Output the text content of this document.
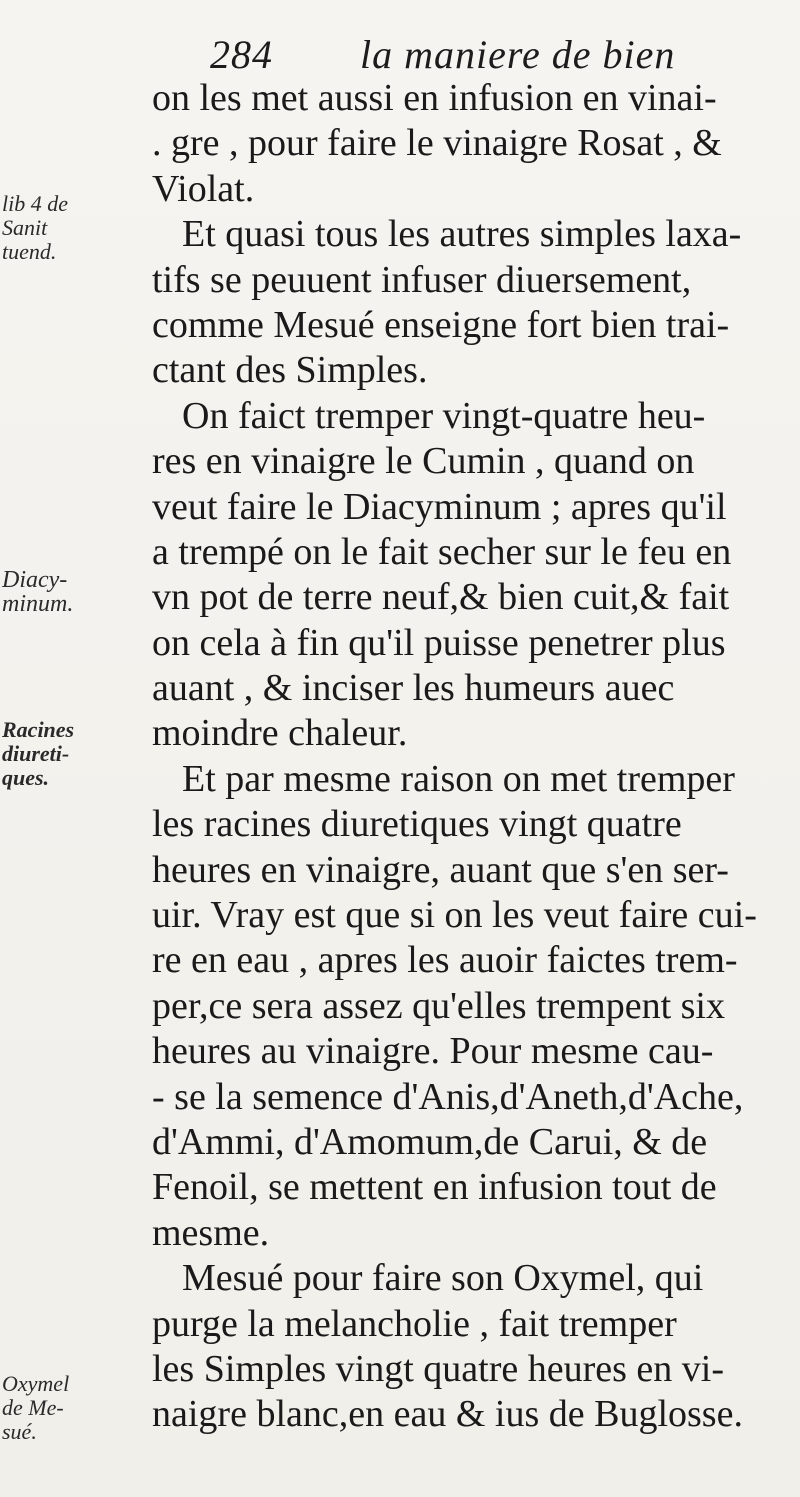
284 la maniere de bien
lib 4 de
Sanit
tuend.
Diacy-
minum.
Racines
diureti-
ques.
Oxymel
de Me-
sué.
on les met aussi en infusion en vinai-
. gre , pour faire le vinaigre Rosat , &
Violat.
Et quasi tous les autres simples laxa-
tifs se peuuent infuser diuersement,
comme Mesué enseigne fort bien trai-
ctant des Simples.
On faict tremper vingt-quatre heu-
res en vinaigre le Cumin , quand on
veut faire le Diacyminum ; apres qu'il
a trempé on le fait secher sur le feu en
vn pot de terre neuf,& bien cuit,& fait
on cela à fin qu'il puisse penetrer plus
auant , & inciser les humeurs auec
moindre chaleur.
Et par mesme raison on met tremper
les racines diuretiques vingt quatre
heures en vinaigre, auant que s'en ser-
uir. Vray est que si on les veut faire cui-
re en eau , apres les auoir faictes trem-
per,ce sera assez qu'elles trempent six
heures au vinaigre. Pour mesme cau-
- se la semence d'Anis,d'Aneth,d'Ache,
d'Ammi, d'Amomum,de Carui, & de
Fenoil, se mettent en infusion tout de
mesme.
Mesué pour faire son Oxymel, qui
purge la melancholie , fait tremper
les Simples vingt quatre heures en vi-
naigre blanc,en eau & ius de Buglosse.
